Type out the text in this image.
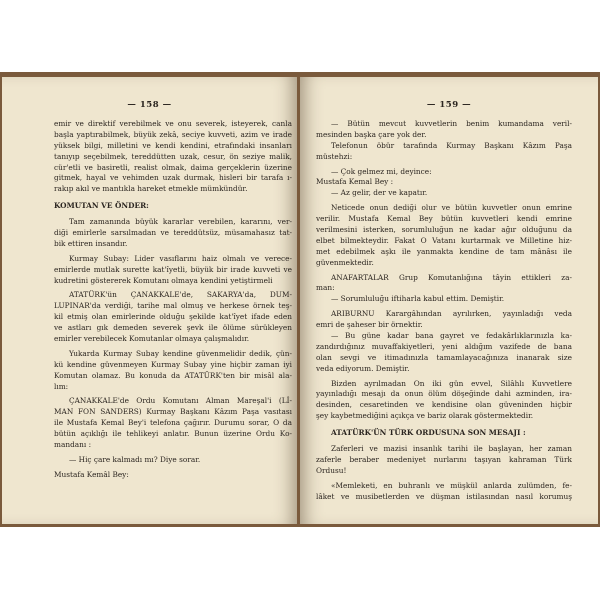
— 158 —
emir ve direktif verebilmek ve onu severek, isteyerek, canla
başla yaptırabilmek, büyük zekâ, seciye kuvveti, azim ve irade
yüksek bilgi, milletini ve kendi kendini, etrafındaki insanları
tanıyıp seçebilmek, tereddütten uzak, cesur, ön seziye malik,
cür'etli ve basiretli, realist olmak, daima gerçeklerin üzerine
gitmek, hayal ve vehimden uzak durmak, hisleri bir tarafa ı-
rakıp akıl ve mantıkla hareket etmekle mümkündür.
KOMUTAN VE ÖNDER:
Tam zamanında büyük kararlar verebilen, kararını, ver-
diği emirlerle sarsılmadan ve tereddütsüz, müsamahasız tat-
bik ettiren insandır.
Kurmay Subay: Lider vasıflarını haiz olmalı ve verece-
emirlerde mutlak surette kat'îyetli, büyük bir irade kuvveti ve
kudretini göstererek Komutanı olmaya kendini yetiştirmeli
ATATÜRK'ün ÇANAKKALE'de, SAKARYA'da, DUM-
LUPINAR'da verdiği, tarihe mal olmuş ve herkese örnek teş-
kil etmiş olan emirlerinde olduğu şekilde kat'îyet ifade eden
ve astları gık demeden severek şevk ile ölüme sürükleyen
emirler verebilecek Komutanlar olmaya çalışmalıdır.
Yukarda Kurmay Subay kendine güvenmelidir dedik, çün-
kü kendine güvenmeyen Kurmay Subay yine hiçbir zaman iyi
Komutan olamaz. Bu konuda da ATATÜRK'ten bir misâl ala-
lım:
ÇANAKKALE'de Ordu Komutanı Alman Mareşal'i (Lİ-
MAN FON SANDERS) Kurmay Başkanı Kâzım Paşa vasıtası
ile Mustafa Kemal Bey'i telefona çağırır. Durumu sorar, O da
bütün açıklığı ile tehlikeyi anlatır. Bunun üzerine Ordu Ko-
mandanı :
— Hiç çare kalmadı mı? Diye sorar.
Mustafa Kemâl Bey:
— 159 —
— Bütün mevcut kuvvetlerin benim kumandama veril-
mesinden başka çare yok der.
Telefonun öbür tarafında Kurmay Başkanı Kâzım Paşa
müstehzi:
— Çok gelmez mi, deyince:
Mustafa Kemal Bey :
— Az gelir, der ve kapatır.
Neticede onun dediği olur ve bütün kuvvetler onun emrine
verilir. Mustafa Kemal Bey bütün kuvvetleri kendi emrine
verilmesini isterken, sorumluluğun ne kadar ağır olduğunu da
elbet bilmekteydir. Fakat O Vatanı kurtarmak ve Milletine hiz-
met edebilmek aşkı ile yanmakta kendine de tam mânâsı ile
güvenmektedir.
ANAFARTALAR Grup Komutanlığına tâyin ettikleri za-
man:
— Sorumluluğu iftiharla kabul ettim. Demiştir.
ARIBURNU Karargâhından ayrılırken, yayınladığı veda
emri de şaheser bir örnektir.
— Bu güne kadar bana gayret ve fedakârlıklarınızla ka-
zandırdığınız muvaffakiyetleri, yeni aldığım vazifede de bana
olan sevgi ve itimadınızla tamamlayacağınıza inanarak size
veda ediyorum. Demiştir.
Bizden ayrılmadan On iki gün evvel, Silâhlı Kuvvetlere
yayınladığı mesajı da onun ölüm döşeğinde dahi azminden, ira-
desinden, cesaretinden ve kendisine olan güveninden hiçbir
şey kaybetmediğini açıkça ve bariz olarak göstermektedir.
ATATÜRK'ÜN TÜRK ORDUSUNA SON MESAJI :
Zaferleri ve mazisi insanlık tarihi ile başlayan, her zaman
zaferle beraber medeniyet nurlarını taşıyan kahraman Türk
Ordusu!
«Memleketi, en buhranlı ve müşkül anlarda zulümden, fe-
lâket ve musibetlerden ve düşman istilasından nasıl korumuş
